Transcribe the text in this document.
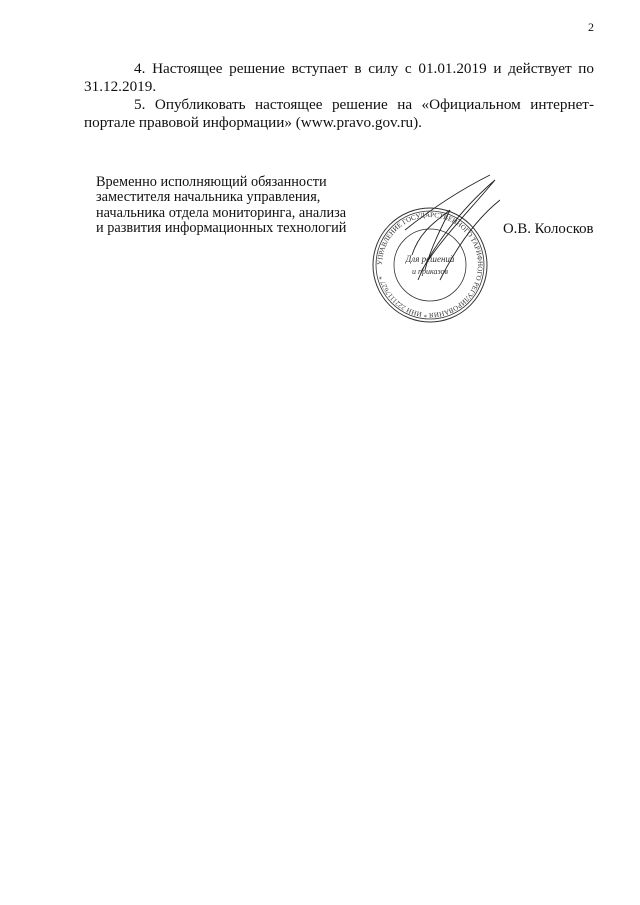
2
4. Настоящее решение вступает в силу с 01.01.2019 и действует по 31.12.2019.
5. Опубликовать настоящее решение на «Официальном интернет-портале правовой информации» (www.pravo.gov.ru).
Временно исполняющий обязанности
заместителя начальника управления,
начальника отдела мониторинга, анализа
и развития информационных технологий
УПРАВЛЕНИЕ ГОСУДАРСТВЕННОГО ТАРИФНОГО РЕГУЛИРОВАНИЯ * ИНН 2221117627 *
Для решений
и приказов
О.В. Колосков
